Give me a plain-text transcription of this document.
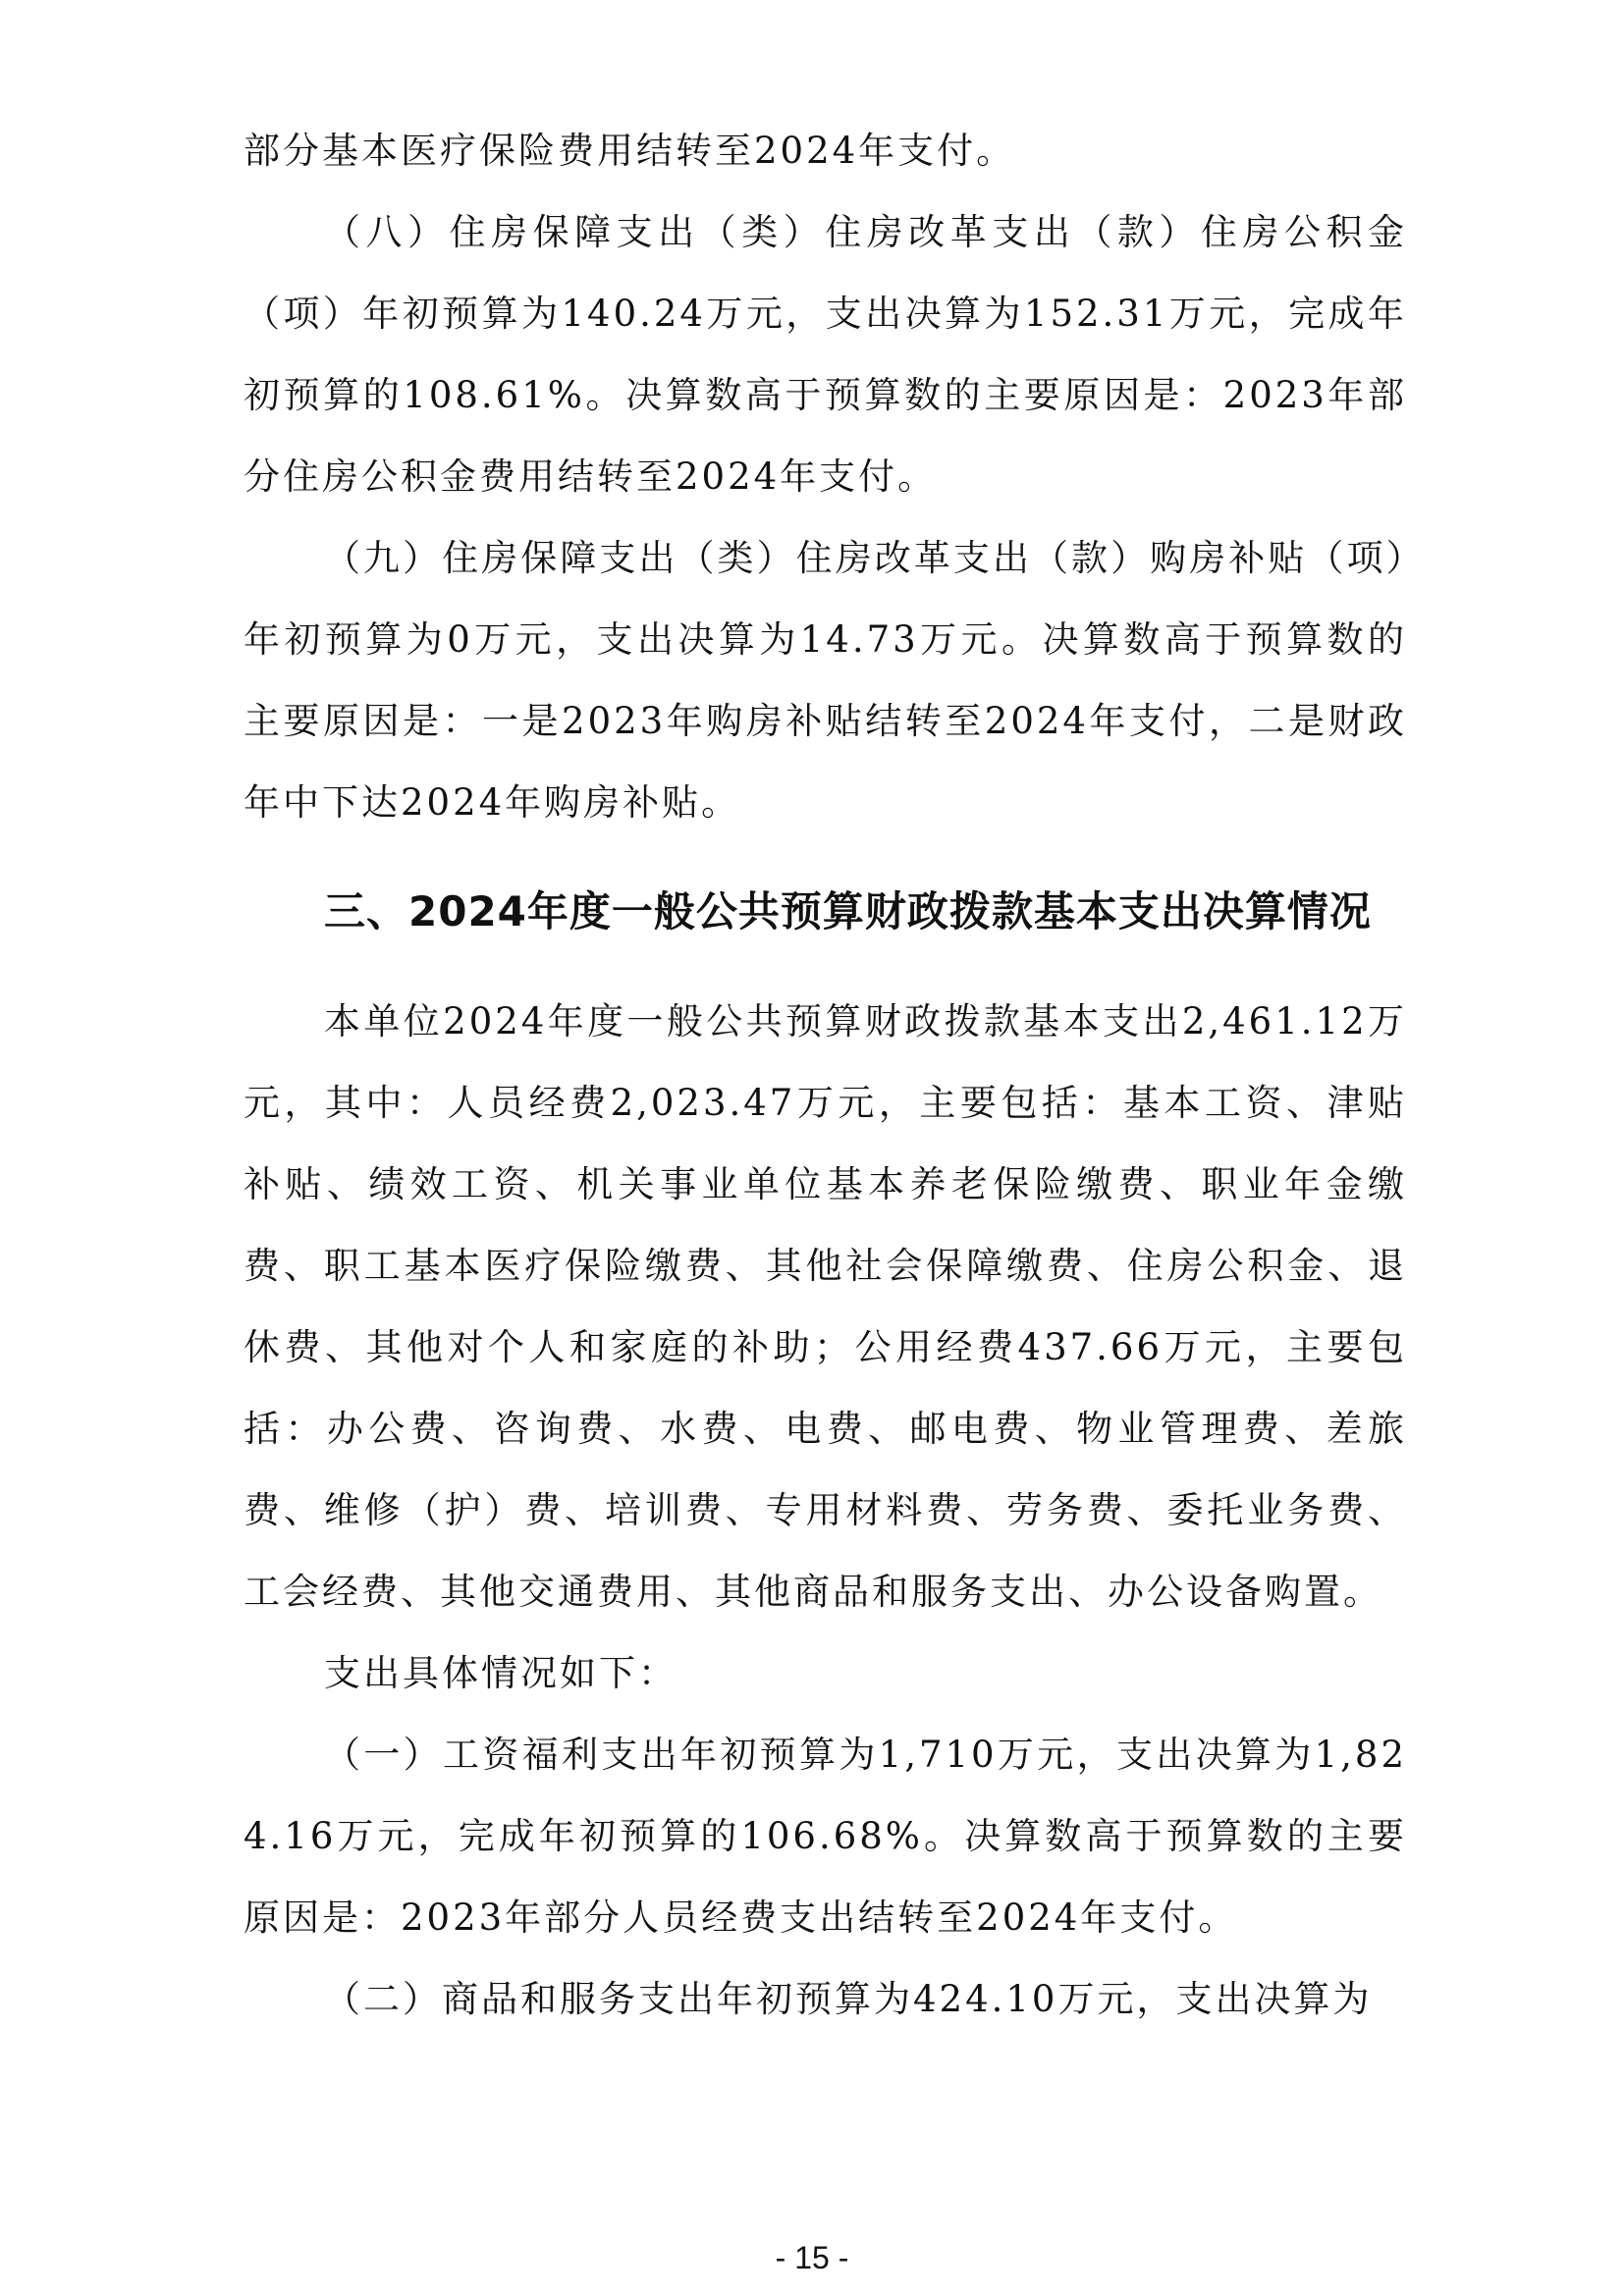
部分基本医疗保险费用结转至2024年支付。

（八）住房保障支出（类）住房改革支出（款）住房公积金（项）年初预算为140.24万元，支出决算为152.31万元，完成年初预算的108.61%。决算数高于预算数的主要原因是：2023年部分住房公积金费用结转至2024年支付。

（九）住房保障支出（类）住房改革支出（款）购房补贴（项）年初预算为0万元，支出决算为14.73万元。决算数高于预算数的主要原因是：一是2023年购房补贴结转至2024年支付，二是财政年中下达2024年购房补贴。

三、2024年度一般公共预算财政拨款基本支出决算情况

本单位2024年度一般公共预算财政拨款基本支出2,461.12万元，其中：人员经费2,023.47万元，主要包括：基本工资、津贴补贴、绩效工资、机关事业单位基本养老保险缴费、职业年金缴费、职工基本医疗保险缴费、其他社会保障缴费、住房公积金、退休费、其他对个人和家庭的补助；公用经费437.66万元，主要包括：办公费、咨询费、水费、电费、邮电费、物业管理费、差旅费、维修（护）费、培训费、专用材料费、劳务费、委托业务费、工会经费、其他交通费用、其他商品和服务支出、办公设备购置。

支出具体情况如下：

（一）工资福利支出年初预算为1,710万元，支出决算为1,824.16万元，完成年初预算的106.68%。决算数高于预算数的主要原因是：2023年部分人员经费支出结转至2024年支付。

（二）商品和服务支出年初预算为424.10万元，支出决算为

- 15 -
